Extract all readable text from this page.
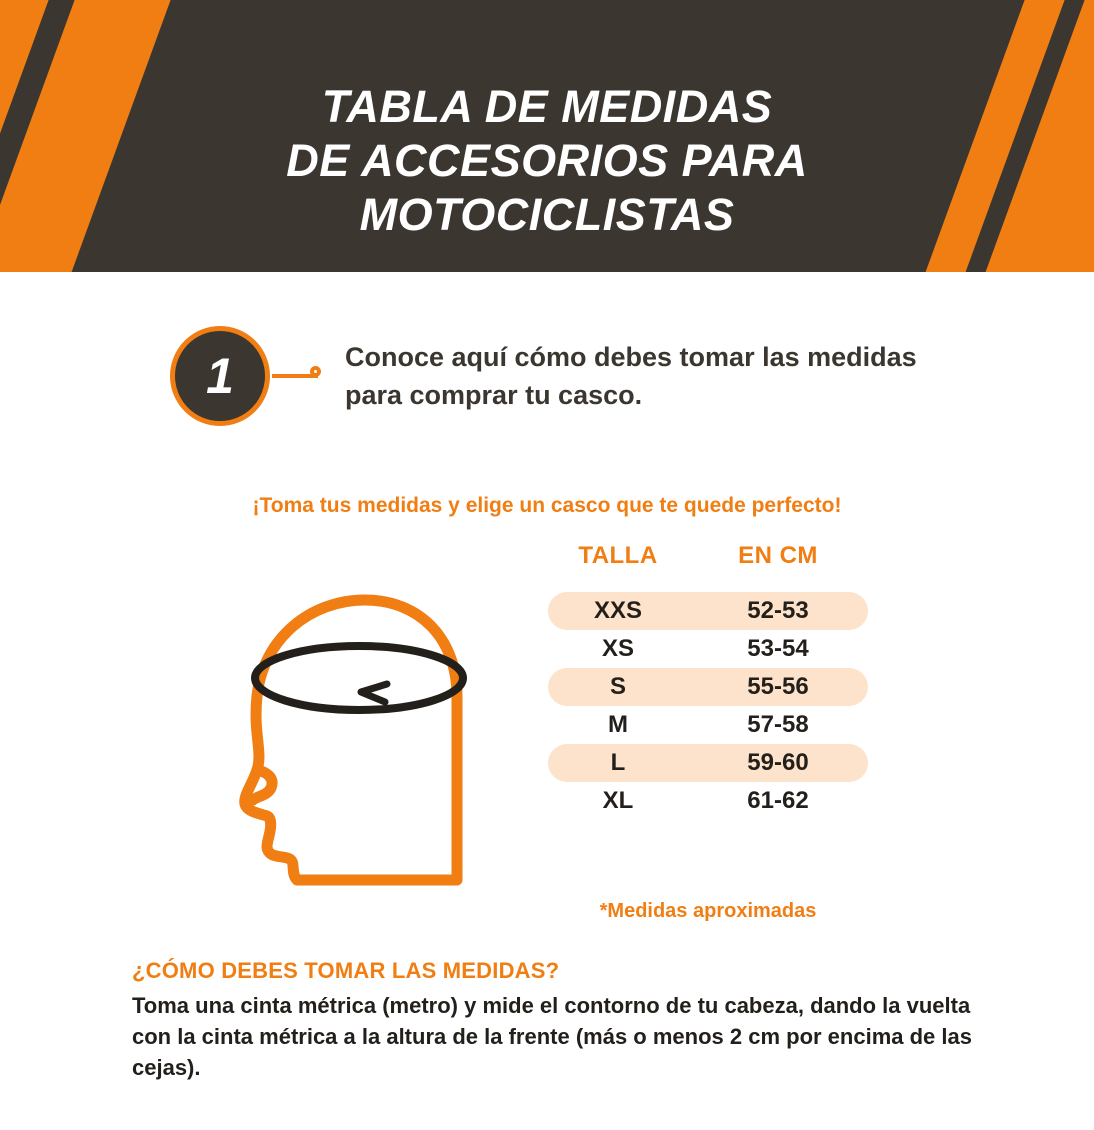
TABLA DE MEDIDAS
DE ACCESORIOS PARA
MOTOCICLISTAS
1	Conoce aquí cómo debes tomar las medidas para comprar tu casco.
¡Toma tus medidas y elige un casco que te quede perfecto!
TALLA	EN CM
XXS	52-53
XS	53-54
S	55-56
M	57-58
L	59-60
XL	61-62
*Medidas aproximadas
¿CÓMO DEBES TOMAR LAS MEDIDAS?
Toma una cinta métrica (metro) y mide el contorno de tu cabeza, dando la vuelta con la cinta métrica a la altura de la frente (más o menos 2 cm por encima de las cejas).
